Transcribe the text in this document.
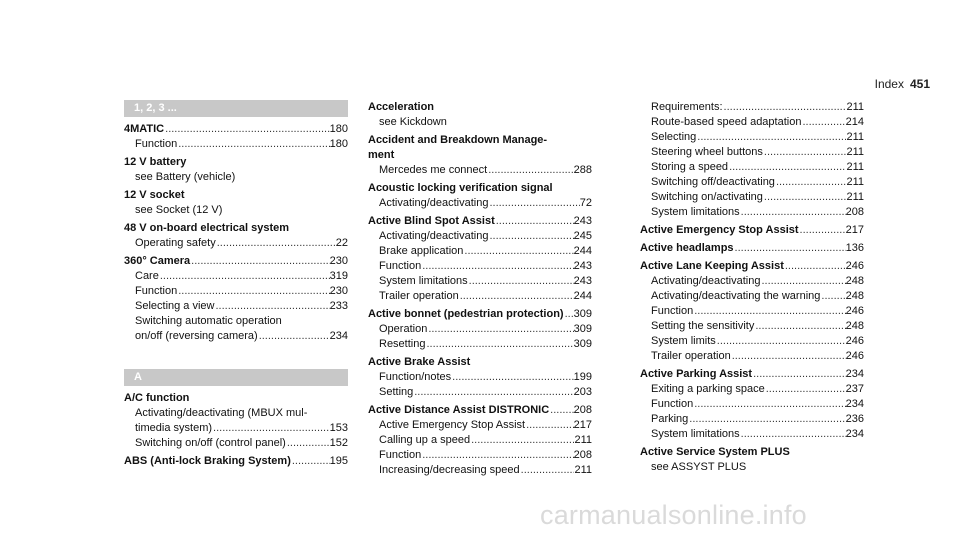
Index 451
1, 2, 3 ...
4MATIC .....	180
Function .....	180
12 V battery
see Battery (vehicle)
12 V socket
see Socket (12 V)
48 V on-board electrical system
Operating safety .....	22
360° Camera .....	230
Care .....	319
Function .....	230
Selecting a view .....	233
Switching automatic operation
on/off (reversing camera) .....	234
A
A/C function
Activating/deactivating (MBUX mul-
timedia system) .....	153
Switching on/off (control panel) .....	152
ABS (Anti-lock Braking System) .....	195
Acceleration
see Kickdown
Accident and Breakdown Manage-
ment
Mercedes me connect .....	288
Acoustic locking verification signal
Activating/deactivating .....	72
Active Blind Spot Assist .....	243
Activating/deactivating .....	245
Brake application .....	244
Function .....	243
System limitations .....	243
Trailer operation .....	244
Active bonnet (pedestrian protection) ..... 309
Operation .....	309
Resetting .....	309
Active Brake Assist
Function/notes .....	199
Setting .....	203
Active Distance Assist DISTRONIC ..... 208
Active Emergency Stop Assist .....	217
Calling up a speed .....	211
Function .....	208
Increasing/decreasing speed .....	211
Requirements: .....	211
Route-based speed adaptation .....	214
Selecting .....	211
Steering wheel buttons .....	211
Storing a speed .....	211
Switching off/deactivating .....	211
Switching on/activating .....	211
System limitations .....	208
Active Emergency Stop Assist .....	217
Active headlamps .....	136
Active Lane Keeping Assist .....	246
Activating/deactivating .....	248
Activating/deactivating the warning ..... 248
Function .....	246
Setting the sensitivity .....	248
System limits .....	246
Trailer operation .....	246
Active Parking Assist .....	234
Exiting a parking space .....	237
Function .....	234
Parking .....	236
System limitations .....	234
Active Service System PLUS
see ASSYST PLUS
carmanualsonline.info
